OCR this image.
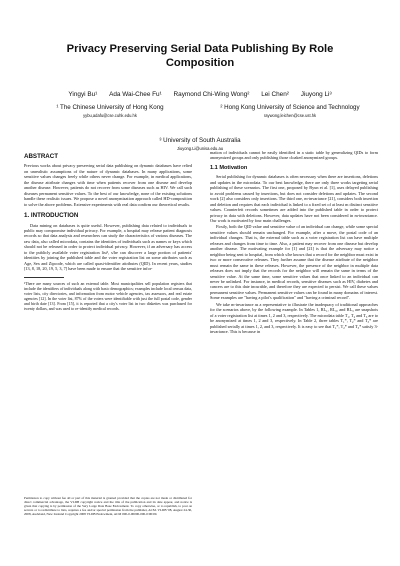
Privacy Preserving Serial Data Publishing By Role
Composition
Yingyi Bu¹ Ada Wai-Chee Fu¹ Raymond Chi-Wing Wong² Lei Chen² Jiuyong Li³
¹ The Chinese University of Hong Kong
yybu,adafu@cse.cuhk.edu.hk
² Hong Kong University of Science and Technology
raywong,leichen@cse.ust.hk
³ University of South Australia
Jiuyong.Li@unisa.edu.au
ABSTRACT

Previous works about privacy preserving serial data publishing on dynamic databases have relied on unrealistic assumptions of the nature of dynamic databases. In many applications, some sensitive values changes freely while others never change. For example, in medical applications, the disease attribute changes with time when patients recover from one disease and develop another disease. However, patients do not recover from some diseases such as HIV. We call such diseases permanent sensitive values. To the best of our knowledge, none of the existing solutions handle these realistic issues. We propose a novel anonymization approach called HD-composition to solve the above problems. Extensive experiments with real data confirm our theoretical results.

1. INTRODUCTION

Data mining on databases is quite useful. However, publishing data related to individuals to public may compromise individual privacy. For example, a hospital may release patient diagnosis records so that data analysis and researchers can study the characteristics of various diseases. The raw data, also called microdata, contains the identities of individuals such as names or keys which should not be released in order to protect individual privacy. However, if an adversary has access to the publicly available voter registration list¹, s/he can discover a large portion of patients' identities by joining the published table and the voter registration list on some attributes such as Age, Sex and Zipcode, which are called quasi-identifier attributes (QID). In recent years, studies [13, 8, 18, 20, 19, 5, 3, 7] have been made to ensure that the sensitive infor-

¹There are many sources of such an external table. Most municipalities sell population registers that include the identifiers of individuals along with basic demographics; examples include local census data, voter lists, city directories, and information from motor vehicle agencies, tax assessors, and real estate agencies [12]. In the voter list, 87% of the voters were identifiable with just the full postal code, gender and birth date [13]. From [15], it is reported that a city's voter list in two diskettes was purchased for twenty dollars, and was used to re-identify medical records.
Permission to copy without fee all or part of this material is granted provided that the copies are not made or distributed for direct commercial advantage, the VLDB copyright notice and the title of the publication and its date appear, and notice is given that copying is by permission of the Very Large Data Base Endowment. To copy otherwise, or to republish, to post on servers or to redistribute to lists, requires a fee and/or special permission from the publisher, ACM. VLDB '08, August 24-30, 2008, Auckland, New Zealand Copyright 2008 VLDB Endowment, ACM 000-0-00000-000-0/00/00.

mation of individuals cannot be easily identified in a static table by generalizing QIDs to form anonymized groups and only publishing those cloaked anonymized groups.

1.1 Motivation

Serial publishing for dynamic databases is often necessary when there are insertions, deletions and updates in the microdata. To our best knowledge, there are only three works targeting serial publishing of these scenarios. The first one, proposed by Byun et al. [1], uses delayed publishing to avoid problems caused by insertions, but does not consider deletions and updates. The second work [2] also considers only insertions. The third one, m-invariance [21], considers both insertion and deletion and requires that each individual is linked to a fixed set of at least m distinct sensitive values. Counterfeit records sometimes are added into the published table in order to protect privacy in data with deletions. However, data updates have not been considered in m-invariance. Our work is motivated by four main challenges.

Firstly, both the QID value and sensitive value of an individual can change, while some special sensitive values should remain unchanged. For example, after a move, the postal code of an individual changes. That is, the external table such as a voter registration list can have multiple releases and changes from time to time. Also, a patient may recover from one disease but develop another disease. The motivating example for [1] and [21] is that the adversary may notice a neighbor being sent to hospital, from which s/he knows that a record for the neighbor must exist in two or more consecutive releases. They further assume that the disease attribute of the neighbor must remain the same in these releases. However, the presence of the neighbor in multiple data releases does not imply that the records for the neighbor will remain the same in terms of the sensitive value. At the same time, some sensitive values that once linked to an individual can never be unlinked. For instance, in medical records, sensitive diseases such as HIV, diabetes and cancers are to this date incurable, and therefore they are expected to persist. We call these values permanent sensitive values. Permanent sensitive values can be found in many domains of interest. Some examples are "having a pilot's qualification" and "having a criminal record".

We take m-invariance as a representative to illustrate the inadequacy of traditional approaches for the scenarios above, by the following example. In Tables 1, RL₁, RL₂, and RL₃ are snapshots of a voter registration list at times 1, 2 and 3, respectively. The microdata table T₁, T₂ and T₃ are to be anonymized at times 1, 2 and 3, respectively. In Table 2, three tables T₁*, T₂* and T₃* are published serially at times 1, 2, and 3, respectively. It is easy to see that T₁*, T₂* and T₃* satisfy 3-invariance. This is because in
